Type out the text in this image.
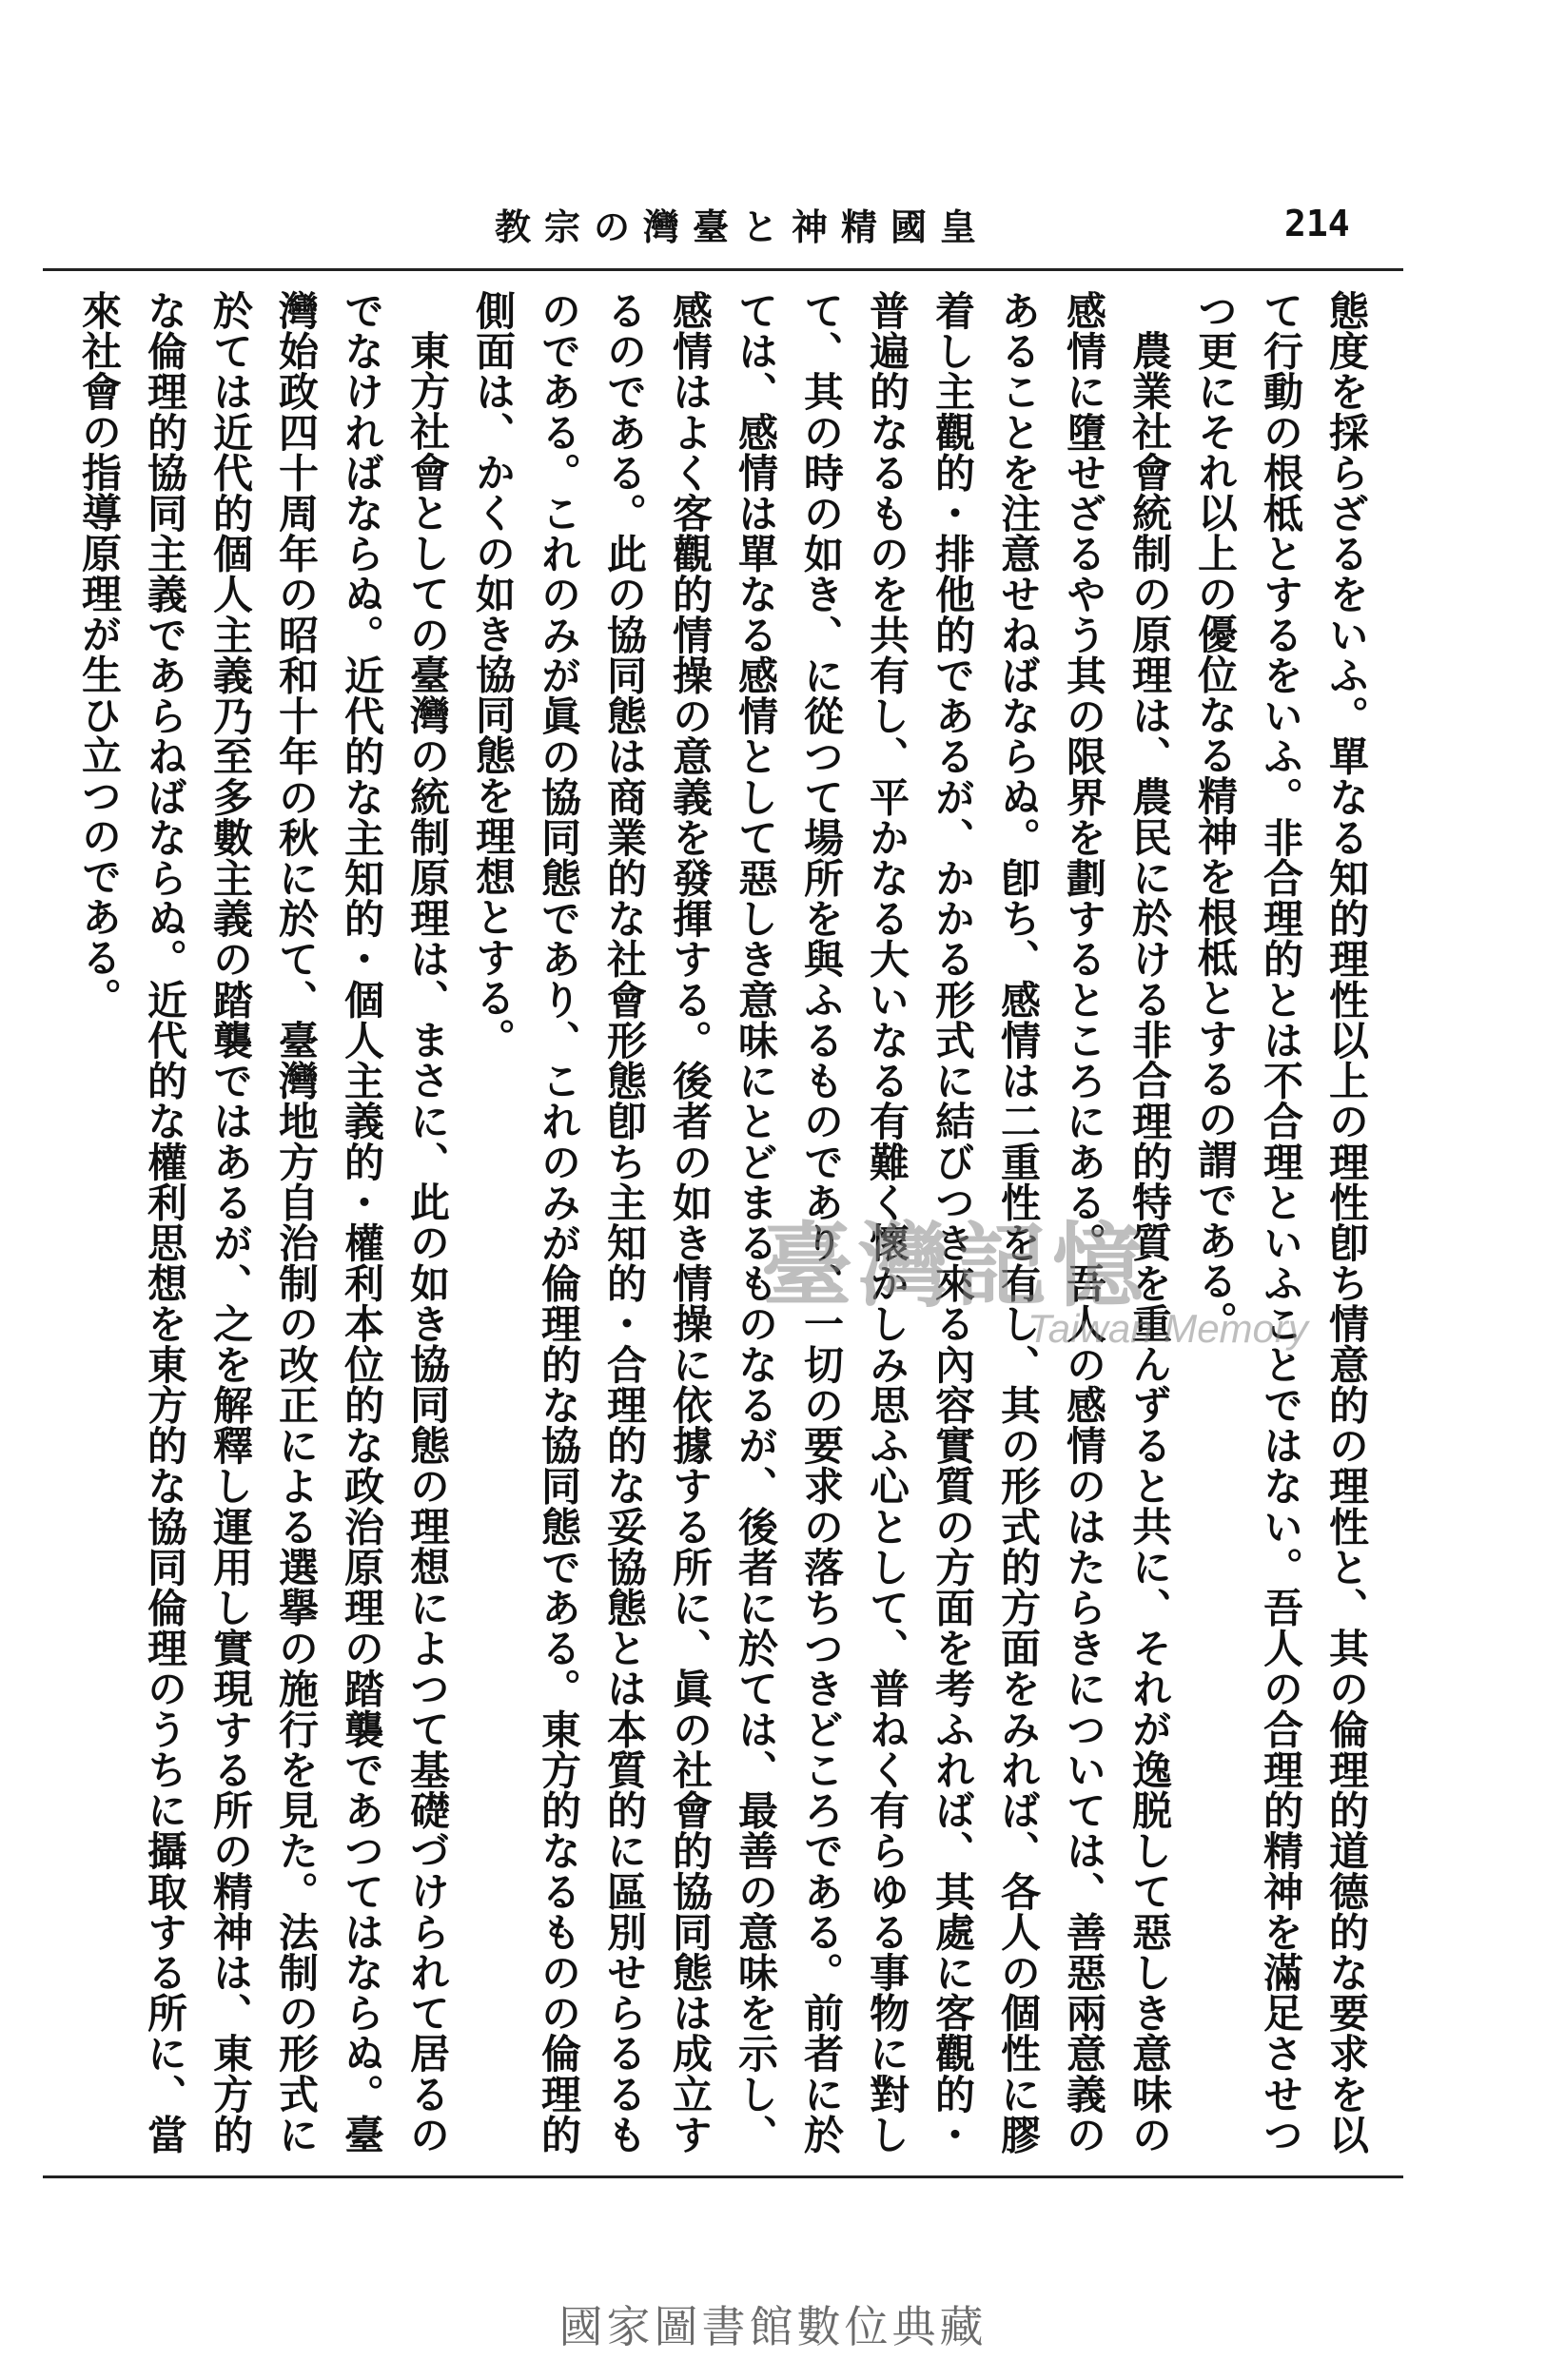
皇國精神と臺灣の宗教	214

態度を採らざるをいふ。單なる知的理性以上の理性卽ち情意的の理性と、其の倫理的道德的な要求を以て行動の根柢とするをいふ。非合理的とは不合理といふことではない。吾人の合理的精神を滿足させつつ更にそれ以上の優位なる精神を根柢とするの謂である。

農業社會統制の原理は、農民に於ける非合理的特質を重んずると共に、それが逸脱して惡しき意味の感情に墮せざるやう其の限界を劃するところにある。吾人の感情のはたらきについては、善惡兩意義のあることを注意せねばならぬ。卽ち、感情は二重性を有し、其の形式的方面をみれば、各人の個性に膠着し主觀的・排他的であるが、かかる形式に結びつき來る內容實質の方面を考ふれば、其處に客觀的・普遍的なるものを共有し、平かなる大いなる有難く懷かしみ思ふ心として、普ねく有らゆる事物に對して、其の時の如き、に從つて場所を與ふるものであり、一切の要求の落ちつきどころである。前者に於ては、感情は單なる感情として惡しき意味にとどまるものなるが、後者に於ては、最善の意味を示し、感情はよく客觀的情操の意義を發揮する。後者の如き情操に依據する所に、眞の社會的協同態は成立するのである。此の協同態は商業的な社會形態卽ち主知的・合理的な妥協態とは本質的に區別せらるるものである。これのみが眞の協同態であり、これのみが倫理的な協同態である。東方的なるものの倫理的側面は、かくの如き協同態を理想とする。

東方社會としての臺灣の統制原理は、まさに、此の如き協同態の理想によつて基礎づけられて居るのでなければならぬ。近代的な主知的・個人主義的・權利本位的な政治原理の踏襲であつてはならぬ。臺灣始政四十周年の昭和十年の秋に於て、臺灣地方自治制の改正による選擧の施行を見た。法制の形式に於ては近代的個人主義乃至多數主義の踏襲ではあるが、之を解釋し運用し實現する所の精神は、東方的な倫理的協同主義であらねばならぬ。近代的な權利思想を東方的な協同倫理のうちに攝取する所に、當來社會の指導原理が生ひ立つのである。

臺灣記憶
Taiwan Memory
國家圖書館數位典藏
